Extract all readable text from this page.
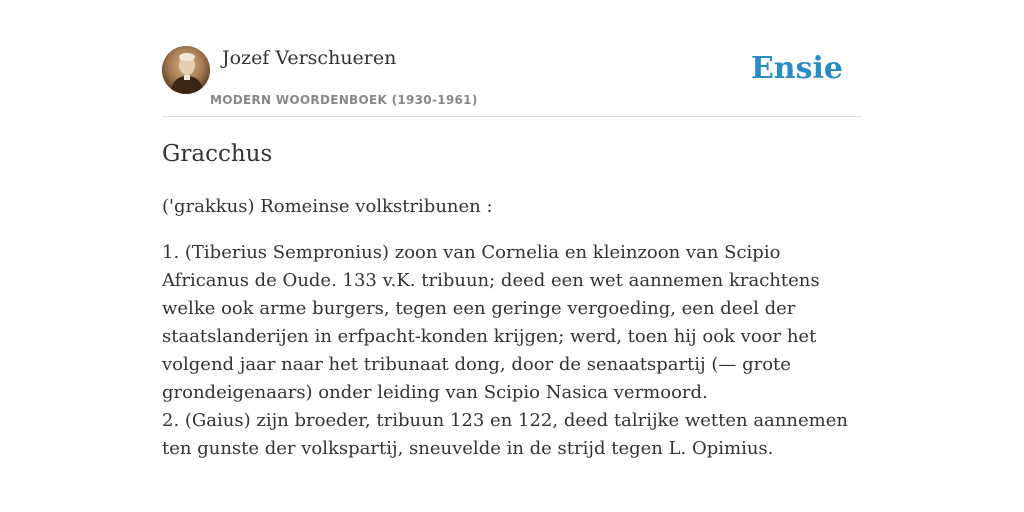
Jozef Verschueren
MODERN WOORDENBOEK (1930-1961)
Ensie
Gracchus

('grakkus) Romeinse volkstribunen :

1. (Tiberius Sempronius) zoon van Cornelia en kleinzoon van Scipio Africanus de Oude. 133 v.K. tribuun; deed een wet aannemen krachtens welke ook arme burgers, tegen een geringe vergoeding, een deel der staatslanderijen in erfpacht-konden krijgen; werd, toen hij ook voor het volgend jaar naar het tribunaat dong, door de senaatspartij (— grote grondeigenaars) onder leiding van Scipio Nasica vermoord.

2. (Gaius) zijn broeder, tribuun 123 en 122, deed talrijke wetten aannemen ten gunste der volkspartij, sneuvelde in de strijd tegen L. Opimius.
